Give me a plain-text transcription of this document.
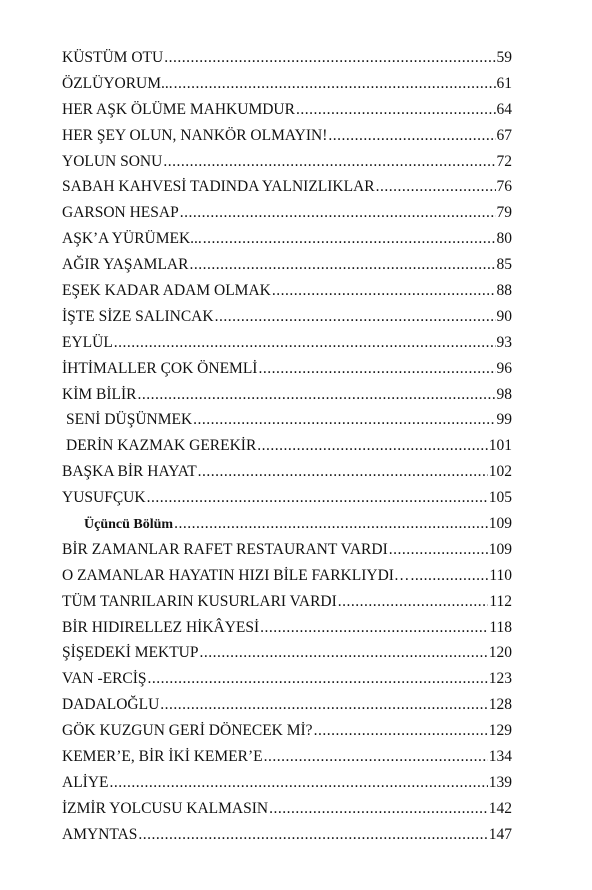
KÜSTÜM OTU .....	59
ÖZLÜYORUM... .....	61
HER AŞK ÖLÜME MAHKUMDUR .....	64
HER ŞEY OLUN, NANKÖR OLMAYIN! .....	67
YOLUN SONU .....	72
SABAH KAHVESİ TADINDA YALNIZLIKLAR .....	76
GARSON HESAP .....	79
AŞK’A YÜRÜMEK... .....	80
AĞIR YAŞAMLAR .....	85
EŞEK KADAR ADAM OLMAK .....	88
İŞTE SİZE SALINCAK .....	90
EYLÜL .....	93
İHTİMALLER ÇOK ÖNEMLİ .....	96
KİM BİLİR .....	98
SENİ DÜŞÜNMEK .....	99
DERİN KAZMAK GEREKİR .....	101
BAŞKA BİR HAYAT .....	102
YUSUFÇUK .....	105
Üçüncü Bölüm .....	109
BİR ZAMANLAR RAFET RESTAURANT VARDI .....	109
O ZAMANLAR HAYATIN HIZI BİLE FARKLIYDI… .....	110
TÜM TANRILARIN KUSURLARI VARDI .....	112
BİR HIDIRELLEZ HİKÂYESİ .....	118
ŞİŞEDEKİ MEKTUP .....	120
VAN -ERCİŞ .....	123
DADALOĞLU .....	128
GÖK KUZGUN GERİ DÖNECEK Mİ? .....	129
KEMER’E, BİR İKİ KEMER’E .....	134
ALİYE .....	139
İZMİR YOLCUSU KALMASIN .....	142
AMYNTAS .....	147
